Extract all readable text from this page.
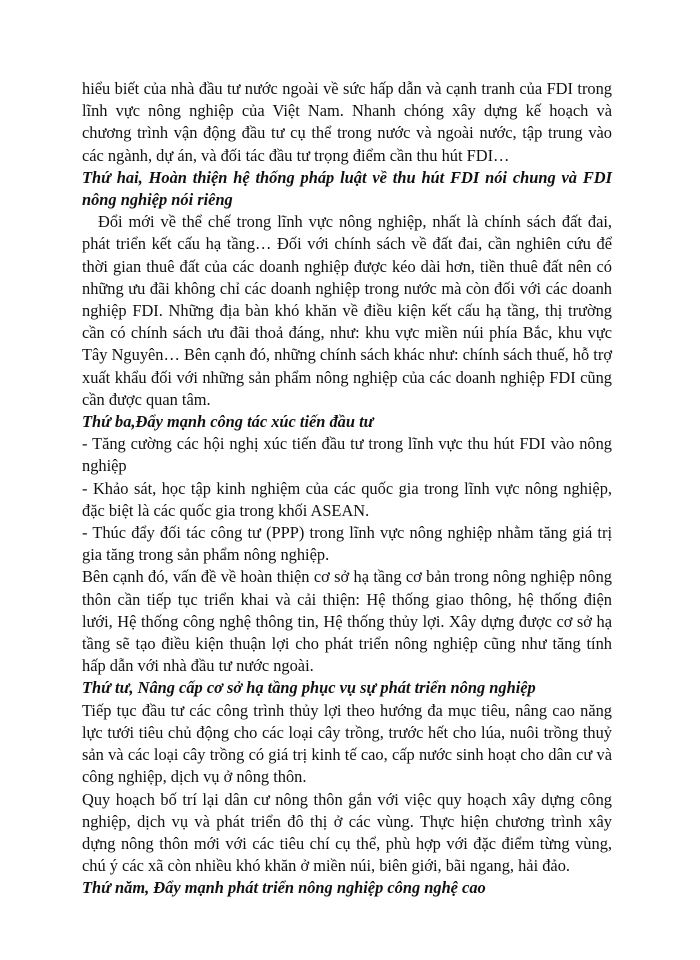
hiểu biết của nhà đầu tư nước ngoài về sức hấp dẫn và cạnh tranh của FDI trong lĩnh vực nông nghiệp của Việt Nam. Nhanh chóng xây dựng kế hoạch và chương trình vận động đầu tư cụ thể trong nước và ngoài nước, tập trung vào các ngành, dự án, và đối tác đầu tư trọng điểm cần thu hút FDI…

Thứ hai, Hoàn thiện hệ thống pháp luật về thu hút FDI nói chung và FDI nông nghiệp nói riêng

Đổi mới về thể chế trong lĩnh vực nông nghiệp, nhất là chính sách đất đai, phát triển kết cấu hạ tầng… Đối với chính sách về đất đai, cần nghiên cứu để thời gian thuê đất của các doanh nghiệp được kéo dài hơn, tiền thuê đất nên có những ưu đãi không chỉ các doanh nghiệp trong nước mà còn đối với các doanh nghiệp FDI. Những địa bàn khó khăn về điều kiện kết cấu hạ tầng, thị trường cần có chính sách ưu đãi thoả đáng, như: khu vực miền núi phía Bắc, khu vực Tây Nguyên… Bên cạnh đó, những chính sách khác như: chính sách thuế, hỗ trợ xuất khẩu đối với những sản phẩm nông nghiệp của các doanh nghiệp FDI cũng cần được quan tâm.

Thứ ba,Đẩy mạnh công tác xúc tiến đầu tư

- Tăng cường các hội nghị xúc tiến đầu tư trong lĩnh vực thu hút FDI vào nông nghiệp

- Khảo sát, học tập kinh nghiệm của các quốc gia trong lĩnh vực nông nghiệp, đặc biệt là các quốc gia trong khối ASEAN.

- Thúc đẩy đối tác công tư (PPP) trong lĩnh vực nông nghiệp nhằm tăng giá trị gia tăng trong sản phẩm nông nghiệp.

Bên cạnh đó, vấn đề về hoàn thiện cơ sở hạ tầng cơ bản trong nông nghiệp nông thôn cần tiếp tục triển khai và cải thiện: Hệ thống giao thông, hệ thống điện lưới, Hệ thống công nghệ thông tin, Hệ thống thủy lợi. Xây dựng được cơ sở hạ tầng sẽ tạo điều kiện thuận lợi cho phát triển nông nghiệp cũng như tăng tính hấp dẫn với nhà đầu tư nước ngoài.

Thứ tư, Nâng cấp cơ sở hạ tầng phục vụ sự phát triển nông nghiệp

Tiếp tục đầu tư các công trình thủy lợi theo hướng đa mục tiêu, nâng cao năng lực tưới tiêu chủ động cho các loại cây trồng, trước hết cho lúa, nuôi trồng thuỷ sản và các loại cây trồng có giá trị kinh tế cao, cấp nước sinh hoạt cho dân cư và công nghiệp, dịch vụ ở nông thôn.

Quy hoạch bố trí lại dân cư nông thôn gắn với việc quy hoạch xây dựng công nghiệp, dịch vụ và phát triển đô thị ở các vùng. Thực hiện chương trình xây dựng nông thôn mới với các tiêu chí cụ thể, phù hợp với đặc điểm từng vùng, chú ý các xã còn nhiều khó khăn ở miền núi, biên giới, bãi ngang, hải đảo.

Thứ năm, Đẩy mạnh phát triển nông nghiệp công nghệ cao
